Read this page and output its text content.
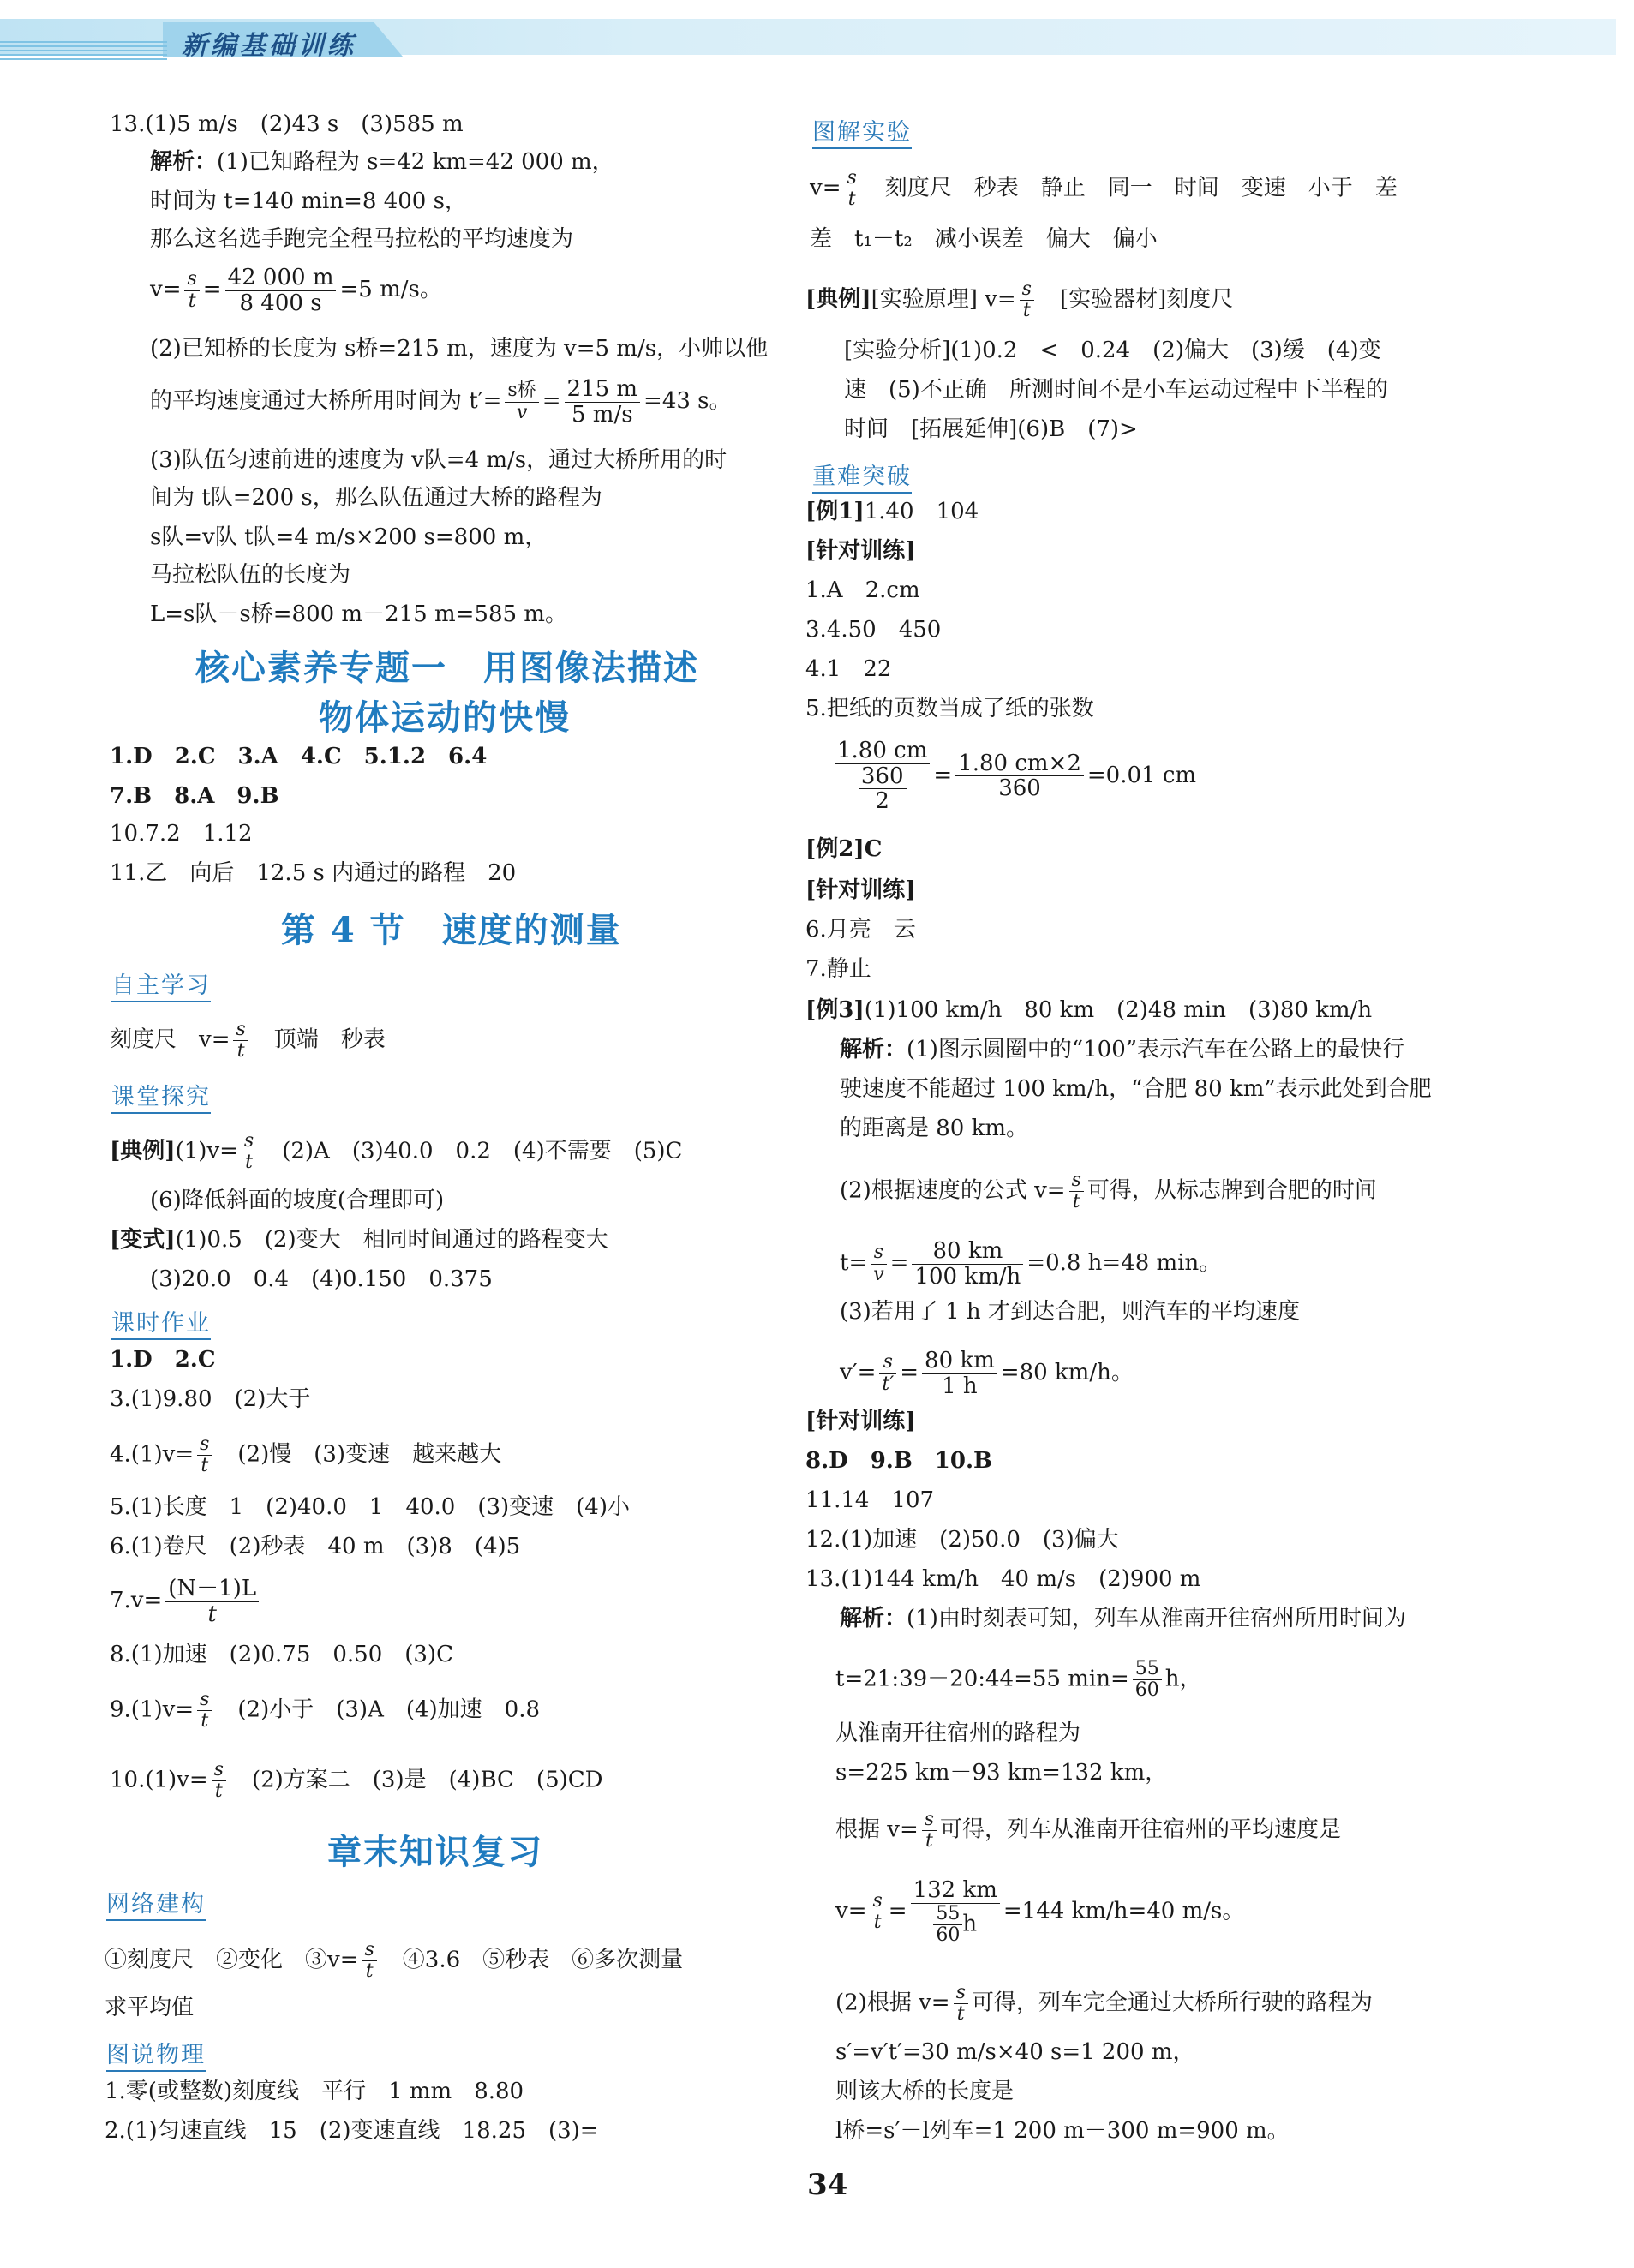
新编基础训练
13.(1)5 m/s　(2)43 s　(3)585 m
解析：(1)已知路程为 s=42 km=42 000 m，
时间为 t=140 min=8 400 s，
那么这名选手跑完全程马拉松的平均速度为
$v= \frac{s}{t} = \frac{42 000 m}{8 400 s} =5$ m/s。
(2)已知桥的长度为 s桥=215 m，速度为 v=5 m/s，小帅以他
的平均速度通过大桥所用时间为 $t'= \frac{\text{s桥}}{v} = \frac{215 m}{5 m/s} =43$ s。
(3)队伍匀速前进的速度为 v队=4 m/s，通过大桥所用的时
间为 t队=200 s，那么队伍通过大桥的路程为
s队=v队 t队=4 m/s×200 s=800 m，
马拉松队伍的长度为
L=s队－s桥=800 m－215 m=585 m。
核心素养专题一　用图像法描述
物体运动的快慢
1.D　2.C　3.A　4.C　5.1.2　6.4
7.B　8.A　9.B
10.7.2　1.12
11.乙　向后　12.5 s 内通过的路程　20
第 4 节　速度的测量
自主学习
刻度尺　$v= \frac{s}{t}$ 　顶端　秒表
课堂探究
[典例]$(1)v= \frac{s}{t}$ 　(2)A　(3)40.0　0.2　(4)不需要　(5)C
(6)降低斜面的坡度(合理即可)
[变式](1)0.5　(2)变大　相同时间通过的路程变大
(3)20.0　0.4　(4)0.150　0.375
课时作业
1.D　2.C
3.(1)9.80　(2)大于
$4.(1)v= \frac{s}{t}$ 　(2)慢　(3)变速　越来越大
5.(1)长度　1　(2)40.0　1　40.0　(3)变速　(4)小
6.(1)卷尺　(2)秒表　40 m　(3)8　(4)5
$7.v= \frac{(N-1)L}{t}$
8.(1)加速　(2)0.75　0.50　(3)C
$9.(1)v= \frac{s}{t}$ 　(2)小于　(3)A　(4)加速　0.8
$10.(1)v= \frac{s}{t}$ 　(2)方案二　(3)是　(4)BC　(5)CD
章末知识复习
网络建构
①刻度尺　②变化　③v= $\frac{s}{t}$ 　④3.6　⑤秒表　⑥多次测量
求平均值
图说物理
1.零(或整数)刻度线　平行　1 mm　8.80
2.(1)匀速直线　15　(2)变速直线　18.25　(3)=
图解实验
$v= \frac{s}{t}$ 　刻度尺　秒表　静止　同一　时间　变速　小于　差
差　t₁－t₂　减小误差　偏大　偏小
[典例][实验原理] $v= \frac{s}{t}$ 　[实验器材]刻度尺
[实验分析](1)0.2　<　0.24　(2)偏大　(3)缓　(4)变
速　(5)不正确　所测时间不是小车运动过程中下半程的
时间　[拓展延伸](6)B　(7)>
重难突破
[例1]1.40　104
[针对训练]
1.A　2.cm
3.4.50　450
4.1　22
5.把纸的页数当成了纸的张数
$\frac{1.80 cm}{\frac{360}{2}} = \frac{1.80 cm\times 2}{360} =0.01$ cm
[例2]C
[针对训练]
6.月亮　云
7.静止
[例3](1)100 km/h　80 km　(2)48 min　(3)80 km/h
解析：(1)图示圆圈中的“100”表示汽车在公路上的最快行
驶速度不能超过 100 km/h，“合肥 80 km”表示此处到合肥
的距离是 80 km。
(2)根据速度的公式 $v= \frac{s}{t}$ 可得，从标志牌到合肥的时间
$t= \frac{s}{v} = \frac{80 km}{100 km/h} =0.8$ h=48 min。
(3)若用了 1 h 才到达合肥，则汽车的平均速度
$v'= \frac{s}{t'} = \frac{80 km}{1 h} =80$ km/h。
[针对训练]
8.D　9.B　10.B
11.14　107
12.(1)加速　(2)50.0　(3)偏大
13.(1)144 km/h　40 m/s　(2)900 m
解析：(1)由时刻表可知，列车从淮南开往宿州所用时间为
t=21:39－20:44=55 $\min= \frac{55}{60}$ h，
从淮南开往宿州的路程为
s=225 km－93 km=132 km，
根据 $v= \frac{s}{t}$ 可得，列车从淮南开往宿州的平均速度是
$v= \frac{s}{t} = \frac{132 km}{\frac{55}{60} h} =144$ km/h=40 m/s。
(2)根据 $v= \frac{s}{t}$ 可得，列车完全通过大桥所行驶的路程为
s′=v′t′=30 m/s×40 s=1 200 m，
则该大桥的长度是
l桥=s′－l列车=1 200 m－300 m=900 m。
34
